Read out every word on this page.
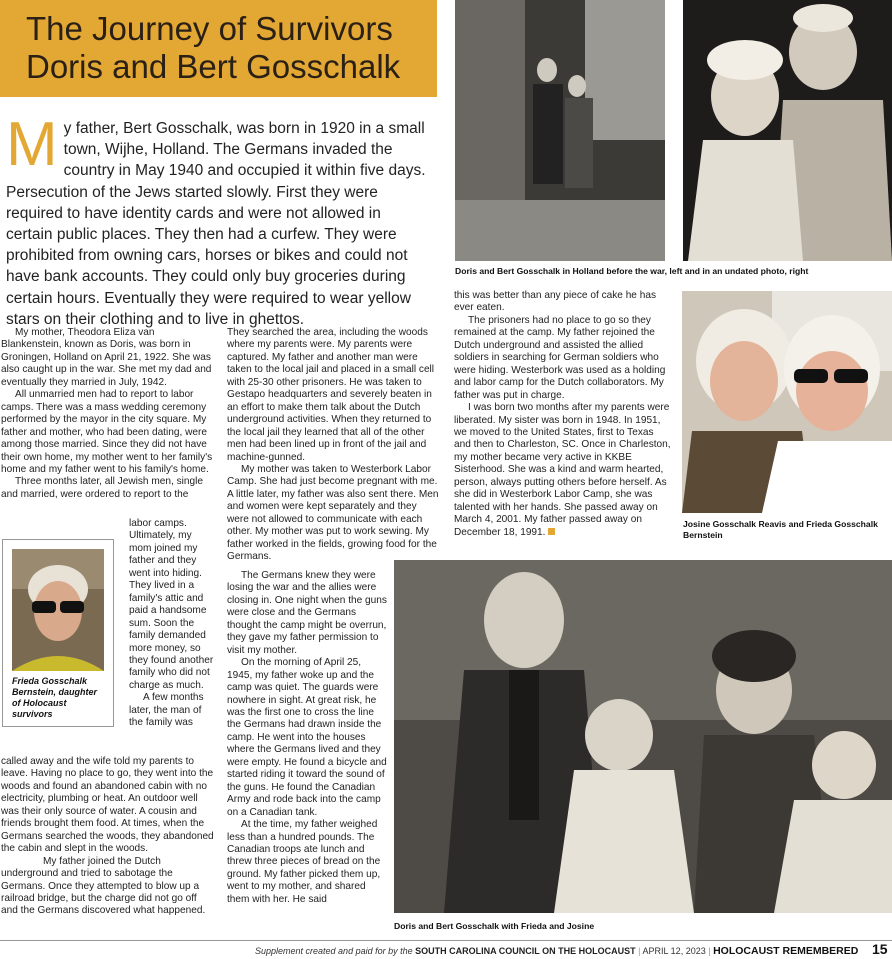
The Journey of Survivors
Doris and Bert Gosschalk
M y father, Bert Gosschalk, was born in 1920 in a small town, Wijhe, Holland. The Germans invaded the country in May 1940 and occupied it within five days. Persecution of the Jews started slowly. First they were required to have identity cards and were not allowed in certain public places. They then had a curfew. They were prohibited from owning cars, horses or bikes and could not have bank accounts. They could only buy groceries during certain hours. Eventually they were required to wear yellow stars on their clothing and to live in ghettos.

My mother, Theodora Eliza van Blankenstein, known as Doris, was born in Groningen, Holland on April 21, 1922. She was also caught up in the war. She met my dad and eventually they married in July, 1942.

All unmarried men had to report to labor camps. There was a mass wedding ceremony performed by the mayor in the city square. My father and mother, who had been dating, were among those married. Since they did not have their own home, my mother went to her family's home and my father went to his family's home.

Three months later, all Jewish men, single and married, were ordered to report to the

Frieda Gosschalk Bernstein, daughter of Holocaust survivors

labor camps. Ultimately, my mom joined my father and they went into hiding. They lived in a family's attic and paid a handsome sum. Soon the family demanded more money, so they found another family who did not charge as much.

A few months later, the man of the family was

called away and the wife told my parents to leave. Having no place to go, they went into the woods and found an abandoned cabin with no electricity, plumbing or heat. An outdoor well was their only source of water. A cousin and friends brought them food. At times, when the Germans searched the woods, they abandoned the cabin and slept in the woods.

My father joined the Dutch underground and tried to sabotage the Germans. Once they attempted to blow up a railroad bridge, but the charge did not go off and the Germans discovered what happened.

They searched the area, including the woods where my parents were. My parents were captured. My father and another man were taken to the local jail and placed in a small cell with 25-30 other prisoners. He was taken to Gestapo headquarters and severely beaten in an effort to make them talk about the Dutch underground activities. When they returned to the local jail they learned that all of the other men had been lined up in front of the jail and machine-gunned.

My mother was taken to Westerbork Labor Camp. She had just become pregnant with me. A little later, my father was also sent there. Men and women were kept separately and they were not allowed to communicate with each other. My mother was put to work sewing. My father worked in the fields, growing food for the Germans.

The Germans knew they were losing the war and the allies were closing in. One night when the guns were close and the Germans thought the camp might be overrun, they gave my father permission to visit my mother.

On the morning of April 25, 1945, my father woke up and the camp was quiet. The guards were nowhere in sight. At great risk, he was the first one to cross the line the Germans had drawn inside the camp. He went into the houses where the Germans lived and they were empty. He found a bicycle and started riding it toward the sound of the guns. He found the Canadian Army and rode back into the camp on a Canadian tank.

At the time, my father weighed less than a hundred pounds. The Canadian troops ate lunch and threw three pieces of bread on the ground. My father picked them up, went to my mother, and shared them with her. He said

this was better than any piece of cake he has ever eaten.

The prisoners had no place to go so they remained at the camp. My father rejoined the Dutch underground and assisted the allied soldiers in searching for German soldiers who were hiding. Westerbork was used as a holding and labor camp for the Dutch collaborators. My father was put in charge.

I was born two months after my parents were liberated. My sister was born in 1948. In 1951, we moved to the United States, first to Texas and then to Charleston, SC. Once in Charleston, my mother became very active in KKBE Sisterhood. She was a kind and warm hearted, person, always putting others before herself. As she did in Westerbork Labor Camp, she was talented with her hands. She passed away on March 4, 2001. My father passed away on December 18, 1991.

Doris and Bert Gosschalk in Holland before the war, left and in an undated photo, right
Josine Gosschalk Reavis and Frieda Gosschalk Bernstein
Doris and Bert Gosschalk with Frieda and Josine
Supplement created and paid for by the SOUTH CAROLINA COUNCIL ON THE HOLOCAUST | APRIL 12, 2023 | HOLOCAUST REMEMBERED 15
